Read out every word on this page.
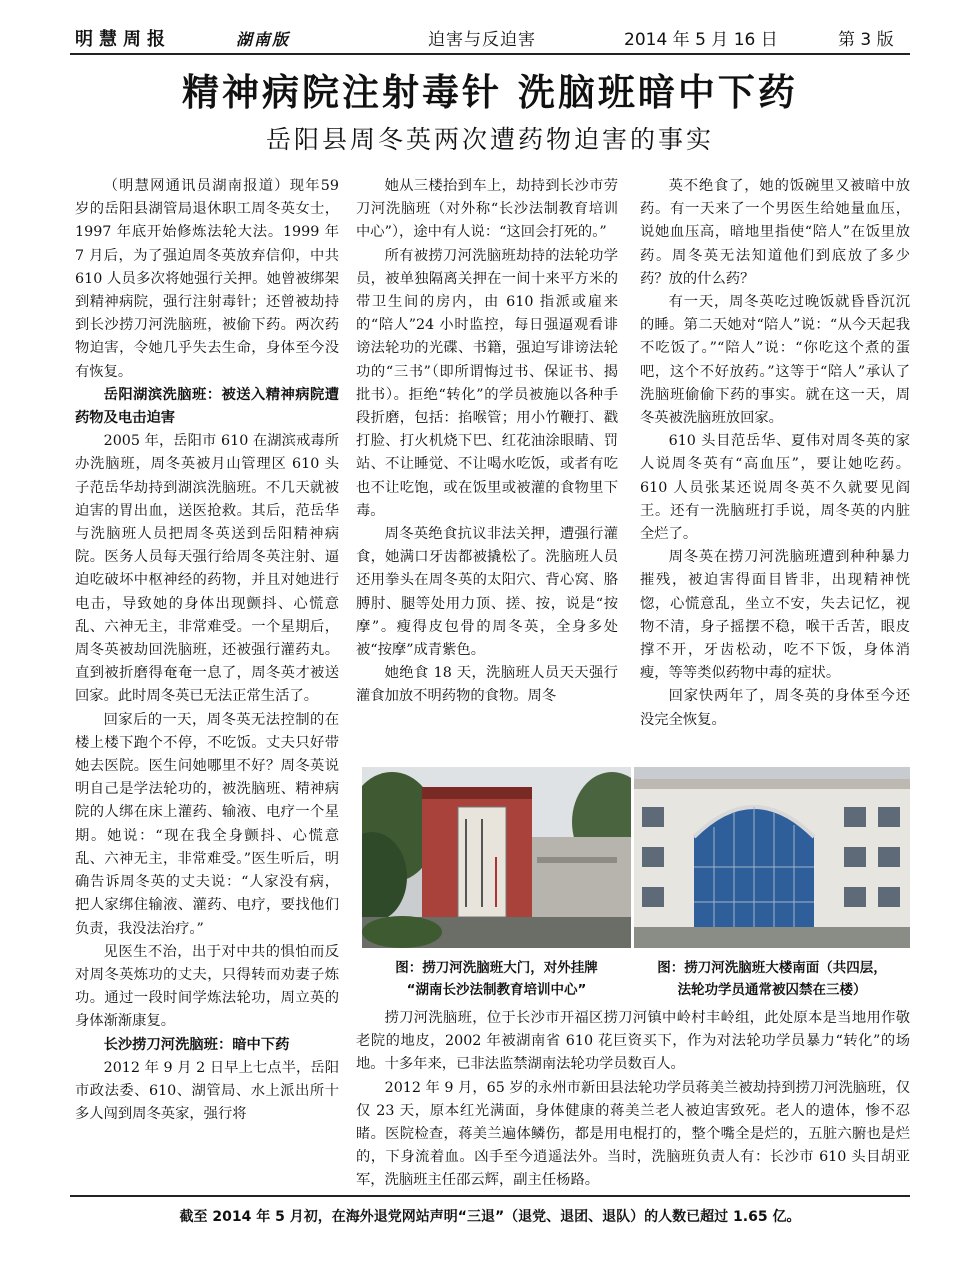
明慧周报	湖南版	迫害与反迫害	2014 年 5 月 16 日	第 3 版
精神病院注射毒针 洗脑班暗中下药
岳阳县周冬英两次遭药物迫害的事实

（明慧网通讯员湖南报道）现年59 岁的岳阳县湖管局退休职工周冬英女士，1997 年底开始修炼法轮大法。1999 年 7 月后，为了强迫周冬英放弃信仰，中共 610 人员多次将她强行关押。她曾被绑架到精神病院，强行注射毒针；还曾被劫持到长沙捞刀河洗脑班，被偷下药。两次药物迫害，令她几乎失去生命，身体至今没有恢复。

岳阳湖滨洗脑班：被送入精神病院遭药物及电击迫害

2005 年，岳阳市 610 在湖滨戒毒所办洗脑班，周冬英被月山管理区 610 头子范岳华劫持到湖滨洗脑班。不几天就被迫害的胃出血，送医抢救。其后，范岳华与洗脑班人员把周冬英送到岳阳精神病院。医务人员每天强行给周冬英注射、逼迫吃破坏中枢神经的药物，并且对她进行电击，导致她的身体出现颤抖、心慌意乱、六神无主，非常难受。一个星期后，周冬英被劫回洗脑班，还被强行灌药丸。直到被折磨得奄奄一息了，周冬英才被送回家。此时周冬英已无法正常生活了。

回家后的一天，周冬英无法控制的在楼上楼下跑个不停，不吃饭。丈夫只好带她去医院。医生问她哪里不好？周冬英说明自己是学法轮功的，被洗脑班、精神病院的人绑在床上灌药、输液、电疗一个星期。她说：“现在我全身颤抖、心慌意乱、六神无主，非常难受。”医生听后，明确告诉周冬英的丈夫说：“人家没有病，把人家绑住输液、灌药、电疗，要找他们负责，我没法治疗。”

见医生不治，出于对中共的惧怕而反对周冬英炼功的丈夫，只得转而劝妻子炼功。通过一段时间学炼法轮功，周立英的身体渐渐康复。

长沙捞刀河洗脑班：暗中下药

2012 年 9 月 2 日早上七点半，岳阳市政法委、610、湖管局、水上派出所十多人闯到周冬英家，强行将

她从三楼抬到车上，劫持到长沙市劳刀河洗脑班（对外称“长沙法制教育培训中心”），途中有人说：“这回会打死的。”

所有被捞刀河洗脑班劫持的法轮功学员，被单独隔离关押在一间十来平方米的带卫生间的房内，由 610 指派或雇来的“陪人”24 小时监控，每日强逼观看诽谤法轮功的光碟、书籍，强迫写诽谤法轮功的“三书”（即所谓悔过书、保证书、揭批书）。拒绝“转化”的学员被施以各种手段折磨，包括：掐喉管；用小竹鞭打、戳打脸、打火机烧下巴、红花油涂眼睛、罚站、不让睡觉、不让喝水吃饭，或者有吃也不让吃饱，或在饭里或被灌的食物里下毒。

周冬英绝食抗议非法关押，遭强行灌食，她满口牙齿都被撬松了。洗脑班人员还用拳头在周冬英的太阳穴、背心窝、胳膊肘、腿等处用力顶、搓、按，说是“按摩”。瘦得皮包骨的周冬英，全身多处被“按摩”成青紫色。

她绝食 18 天，洗脑班人员天天强行灌食加放不明药物的食物。周冬

英不绝食了，她的饭碗里又被暗中放药。有一天来了一个男医生给她量血压，说她血压高，暗地里指使“陪人”在饭里放药。周冬英无法知道他们到底放了多少药？放的什么药？

有一天，周冬英吃过晚饭就昏昏沉沉的睡。第二天她对“陪人”说：“从今天起我不吃饭了。”“陪人”说：“你吃这个煮的蛋吧，这个不好放药。”这等于“陪人”承认了洗脑班偷偷下药的事实。就在这一天，周冬英被洗脑班放回家。

610 头目范岳华、夏伟对周冬英的家人说周冬英有“高血压”，要让她吃药。610 人员张某还说周冬英不久就要见阎王。还有一洗脑班打手说，周冬英的内脏全烂了。

周冬英在捞刀河洗脑班遭到种种暴力摧残，被迫害得面目皆非，出现精神恍惚，心慌意乱，坐立不安，失去记忆，视物不清，身子摇摆不稳，喉干舌苦，眼皮撑不开，牙齿松动，吃不下饭，身体消瘦，等等类似药物中毒的症状。

回家快两年了，周冬英的身体至今还没完全恢复。

图：捞刀河洗脑班大门，对外挂牌
“湖南长沙法制教育培训中心”
图：捞刀河洗脑班大楼南面（共四层，
法轮功学员通常被囚禁在三楼）

捞刀河洗脑班，位于长沙市开福区捞刀河镇中岭村丰岭组，此处原本是当地用作敬老院的地皮，2002 年被湖南省 610 花巨资买下，作为对法轮功学员暴力“转化”的场地。十多年来，已非法监禁湖南法轮功学员数百人。

2012 年 9 月，65 岁的永州市新田县法轮功学员蒋美兰被劫持到捞刀河洗脑班，仅仅 23 天，原本红光满面，身体健康的蒋美兰老人被迫害致死。老人的遗体，惨不忍睹。医院检查，蒋美兰遍体鳞伤，都是用电棍打的，整个嘴全是烂的，五脏六腑也是烂的，下身流着血。凶手至今逍遥法外。当时，洗脑班负责人有：长沙市 610 头目胡亚军，洗脑班主任邵云辉，副主任杨路。

截至 2014 年 5 月初，在海外退党网站声明“三退”（退党、退团、退队）的人数已超过 1.65 亿。
